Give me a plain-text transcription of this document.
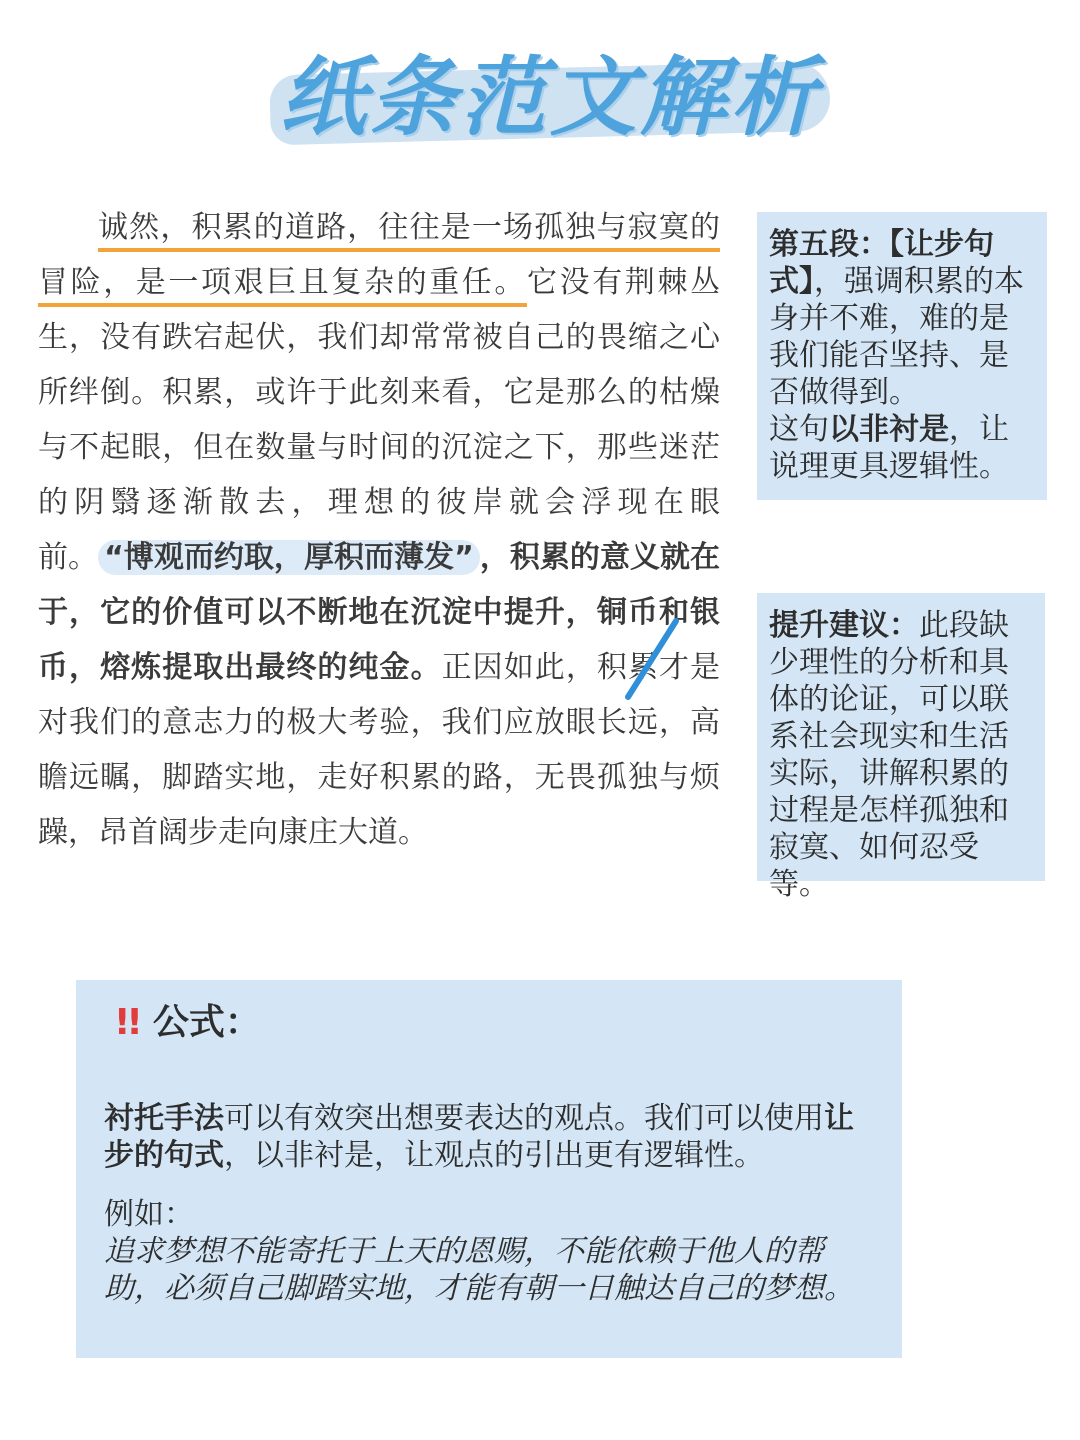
纸条范文解析

诚然，积累的道路，往往是一场孤独与寂寞的冒险，是一项艰巨且复杂的重任。它没有荆棘丛生，没有跌宕起伏，我们却常常被自己的畏缩之心所绊倒。积累，或许于此刻来看，它是那么的枯燥与不起眼，但在数量与时间的沉淀之下，那些迷茫的阴翳逐渐散去，理想的彼岸就会浮现在眼前。 “博观而约取，厚积而薄发” ，积累的意义就在于，它的价值可以不断地在沉淀中提升，铜币和银币，熔炼提取出最终的纯金。正因如此，积累才是对我们的意志力的极大考验，我们应放眼长远，高瞻远瞩，脚踏实地，走好积累的路，无畏孤独与烦躁，昂首阔步走向康庄大道。

第五段：【让步句式】，强调积累的本身并不难，难的是我们能否坚持、是否做得到。
这句以非衬是，让说理更具逻辑性。
提升建议：此段缺少理性的分析和具体的论证，可以联系社会现实和生活实际，讲解积累的过程是怎样孤独和寂寞、如何忍受等。
!! 公式：
衬托手法可以有效突出想要表达的观点。我们可以使用让步的句式，以非衬是，让观点的引出更有逻辑性。
例如：
追求梦想不能寄托于上天的恩赐，不能依赖于他人的帮助，必须自己脚踏实地，才能有朝一日触达自己的梦想。
